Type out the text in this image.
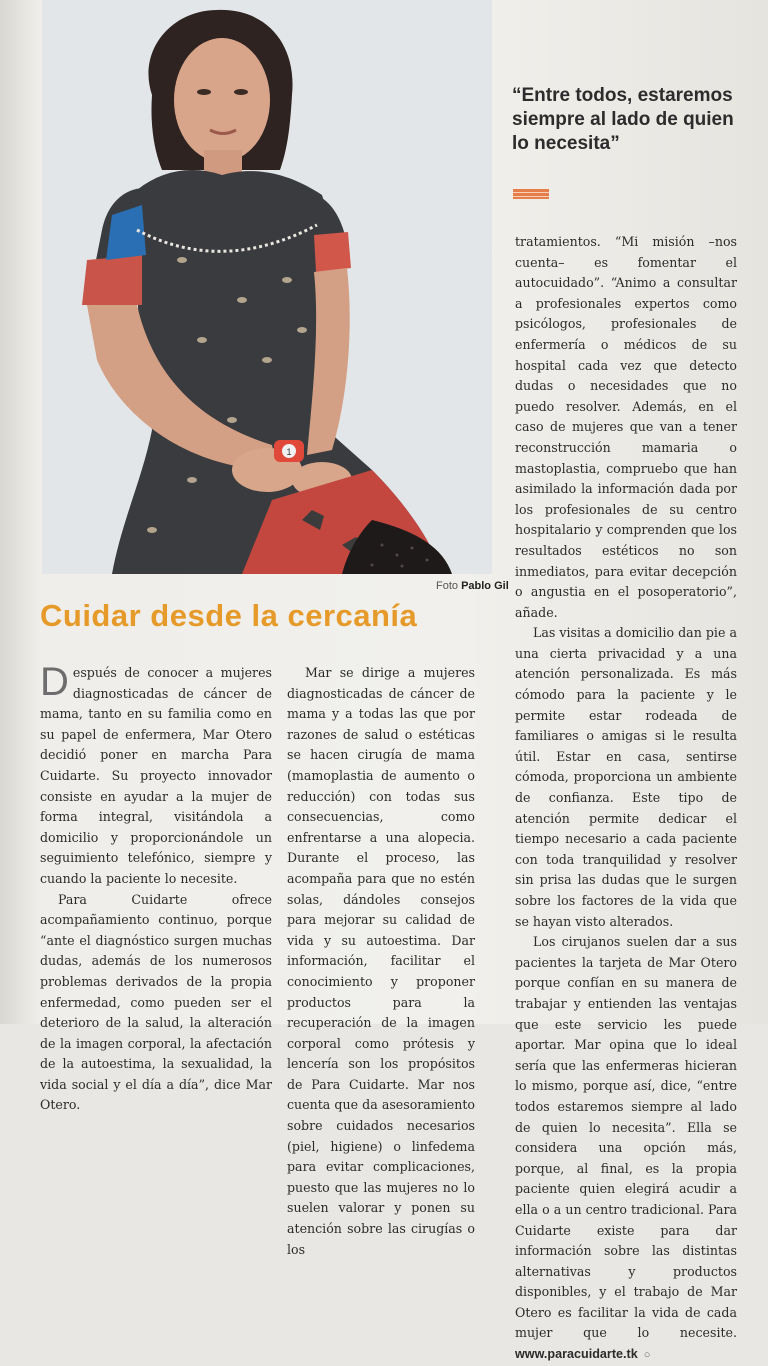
1
Foto Pablo Gil
“Entre todos, estaremos siempre al lado de quien lo necesita”
Cuidar desde la cercanía

Después de conocer a mujeres diagnosticadas de cáncer de mama, tanto en su familia como en su papel de enfermera, Mar Otero decidió poner en marcha Para Cuidarte. Su proyecto innovador consiste en ayudar a la mujer de forma integral, visitándola a domicilio y proporcionándole un seguimiento telefónico, siempre y cuando la paciente lo necesite.

Para Cuidarte ofrece acompañamiento continuo, porque “ante el diagnóstico surgen muchas dudas, además de los numerosos problemas derivados de la propia enfermedad, como pueden ser el deterioro de la salud, la alteración de la imagen corporal, la afectación de la autoestima, la sexualidad, la vida social y el día a día”, dice Mar Otero.

Mar se dirige a mujeres diagnosticadas de cáncer de mama y a todas las que por razones de salud o estéticas se hacen cirugía de mama (mamoplastia de aumento o reducción) con todas sus consecuencias, como enfrentarse a una alopecia. Durante el proceso, las acompaña para que no estén solas, dándoles consejos para mejorar su calidad de vida y su autoestima. Dar información, facilitar el conocimiento y proponer productos para la recuperación de la imagen corporal como prótesis y lencería son los propósitos de Para Cuidarte. Mar nos cuenta que da asesoramiento sobre cuidados necesarios (piel, higiene) o linfedema para evitar complicaciones, puesto que las mujeres no lo suelen valorar y ponen su atención sobre las cirugías o los

tratamientos. “Mi misión –nos cuenta– es fomentar el autocuidado”. “Animo a consultar a profesionales expertos como psicólogos, profesionales de enfermería o médicos de su hospital cada vez que detecto dudas o necesidades que no puedo resolver. Además, en el caso de mujeres que van a tener reconstrucción mamaria o mastoplastia, compruebo que han asimilado la información dada por los profesionales de su centro hospitalario y comprenden que los resultados estéticos no son inmediatos, para evitar decepción o angustia en el posoperatorio”, añade.

Las visitas a domicilio dan pie a una cierta privacidad y a una atención personalizada. Es más cómodo para la paciente y le permite estar rodeada de familiares o amigas si le resulta útil. Estar en casa, sentirse cómoda, proporciona un ambiente de confianza. Este tipo de atención permite dedicar el tiempo necesario a cada paciente con toda tranquilidad y resolver sin prisa las dudas que le surgen sobre los factores de la vida que se hayan visto alterados.

Los cirujanos suelen dar a sus pacientes la tarjeta de Mar Otero porque confían en su manera de trabajar y entienden las ventajas que este servicio les puede aportar. Mar opina que lo ideal sería que las enfermeras hicieran lo mismo, porque así, dice, “entre todos estaremos siempre al lado de quien lo necesita”. Ella se considera una opción más, porque, al final, es la propia paciente quien elegirá acudir a ella o a un centro tradicional. Para Cuidarte existe para dar información sobre las distintas alternativas y productos disponibles, y el trabajo de Mar Otero es facilitar la vida de cada mujer que lo necesite. www.paracuidarte.tk ○
